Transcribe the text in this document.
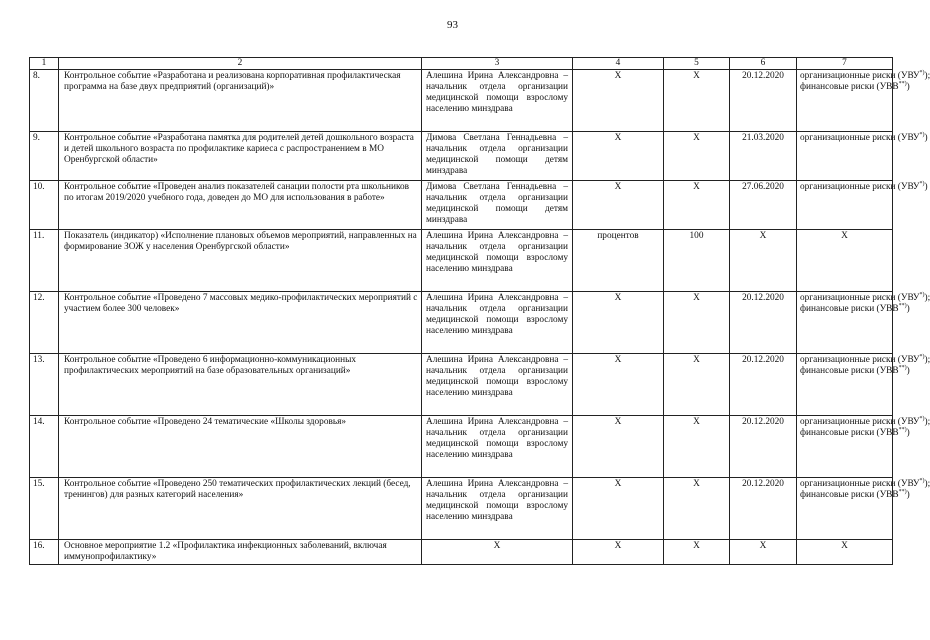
93
1	2	3	4	5	6	7
8.	Контрольное событие «Разработана и реализована корпоративная профилактическая программа на базе двух предприятий (организаций)»	Алешина Ирина Александровна – начальник отдела организации медицинской помощи взрослому населению минздрава	Х	Х	20.12.2020	организационные риски (УВУ*));
финансовые риски (УВВ**))

9.	Контрольное событие «Разработана памятка для родителей детей дошкольного возраста и детей школьного возраста по профилактике кариеса с распространением в МО Оренбургской области»	Димова Светлана Геннадьевна – начальник отдела организации медицинской помощи детям минздрава	Х	Х	21.03.2020	организационные риски (УВУ*))

10.	Контрольное событие «Проведен анализ показателей санации полости рта школьников по итогам 2019/2020 учебного года, доведен до МО для использования в работе»	Димова Светлана Геннадьевна – начальник отдела организации медицинской помощи детям минздрава	Х	Х	27.06.2020	организационные риски (УВУ*))

11.	Показатель (индикатор) «Исполнение плановых объемов мероприятий, направленных на формирование ЗОЖ у населения Оренбургской области»	Алешина Ирина Александровна – начальник отдела организации медицинской помощи взрослому населению минздрава	процентов	100	Х	Х

12.	Контрольное событие «Проведено 7 массовых медико-профилактических мероприятий с участием более 300 человек»	Алешина Ирина Александровна – начальник отдела организации медицинской помощи взрослому населению минздрава	Х	Х	20.12.2020	организационные риски (УВУ*));
финансовые риски (УВВ**))

13.	Контрольное событие «Проведено 6 информационно-коммуникационных профилактических мероприятий на базе образовательных организаций»	Алешина Ирина Александровна – начальник отдела организации медицинской помощи взрослому населению минздрава	Х	Х	20.12.2020	организационные риски (УВУ*));
финансовые риски (УВВ**))

14.	Контрольное событие «Проведено 24 тематические «Школы здоровья»	Алешина Ирина Александровна – начальник отдела организации медицинской помощи взрослому населению минздрава	Х	Х	20.12.2020	организационные риски (УВУ*));
финансовые риски (УВВ**))

15.	Контрольное событие «Проведено 250 тематических профилактических лекций (бесед, тренингов) для разных категорий населения»	Алешина Ирина Александровна – начальник отдела организации медицинской помощи взрослому населению минздрава	Х	Х	20.12.2020	организационные риски (УВУ*));
финансовые риски (УВВ**))

16.	Основное мероприятие 1.2 «Профилактика инфекционных заболеваний, включая иммунопрофилактику»	Х	Х	Х	Х	Х
